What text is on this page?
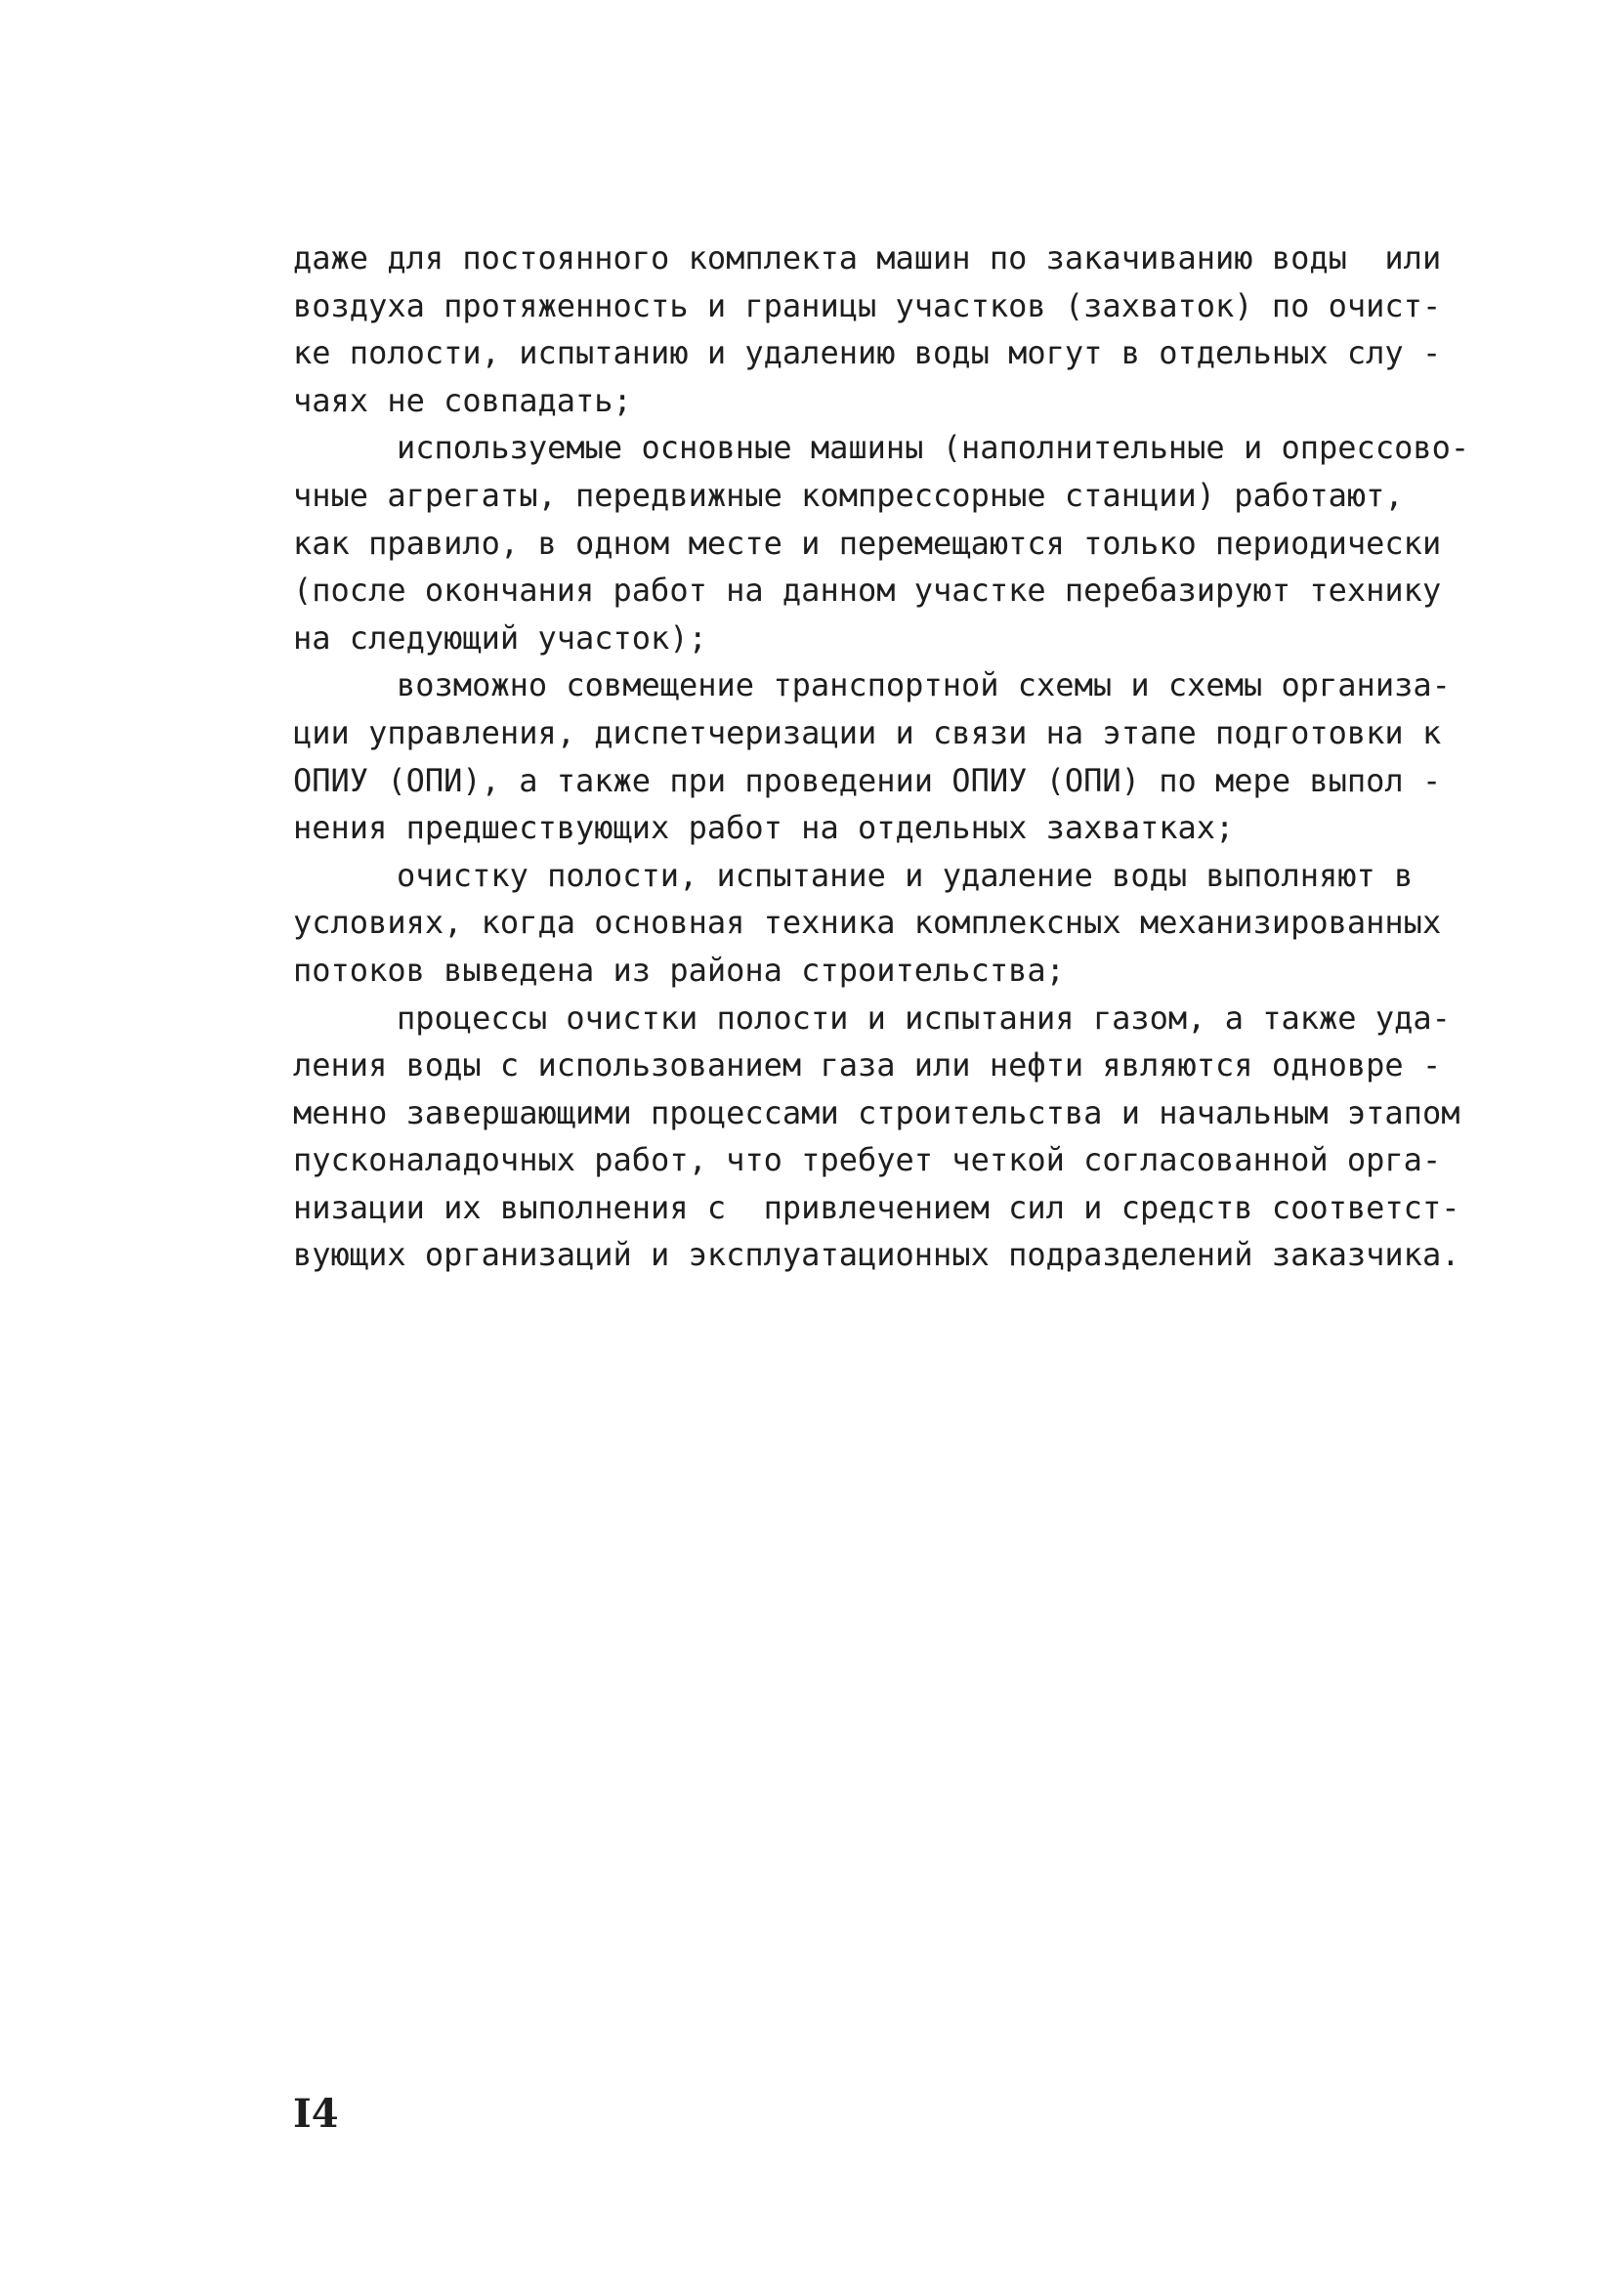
даже для постоянного комплекта машин по закачиванию воды  или
воздуха протяженность и границы участков (захваток) по очист-
ке полости, испытанию и удалению воды могут в отдельных слу -
чаях не совпадать;
используемые основные машины (наполнительные и опрессово-
чные агрегаты, передвижные компрессорные станции) работают,
как правило, в одном месте и перемещаются только периодически
(после окончания работ на данном участке перебазируют технику
на следующий участок);
возможно совмещение транспортной схемы и схемы организа-
ции управления, диспетчеризации и связи на этапе подготовки к
ОПИУ (ОПИ), а также при проведении ОПИУ (ОПИ) по мере выпол -
нения предшествующих работ на отдельных захватках;
очистку полости, испытание и удаление воды выполняют в
условиях, когда основная техника комплексных механизированных
потоков выведена из района строительства;
процессы очистки полости и испытания газом, а также уда-
ления воды с использованием газа или нефти являются одновре -
менно завершающими процессами строительства и начальным этапом
пусконаладочных работ, что требует четкой согласованной орга-
низации их выполнения с  привлечением сил и средств соответст-
вующих организаций и эксплуатационных подразделений заказчика.
I4
